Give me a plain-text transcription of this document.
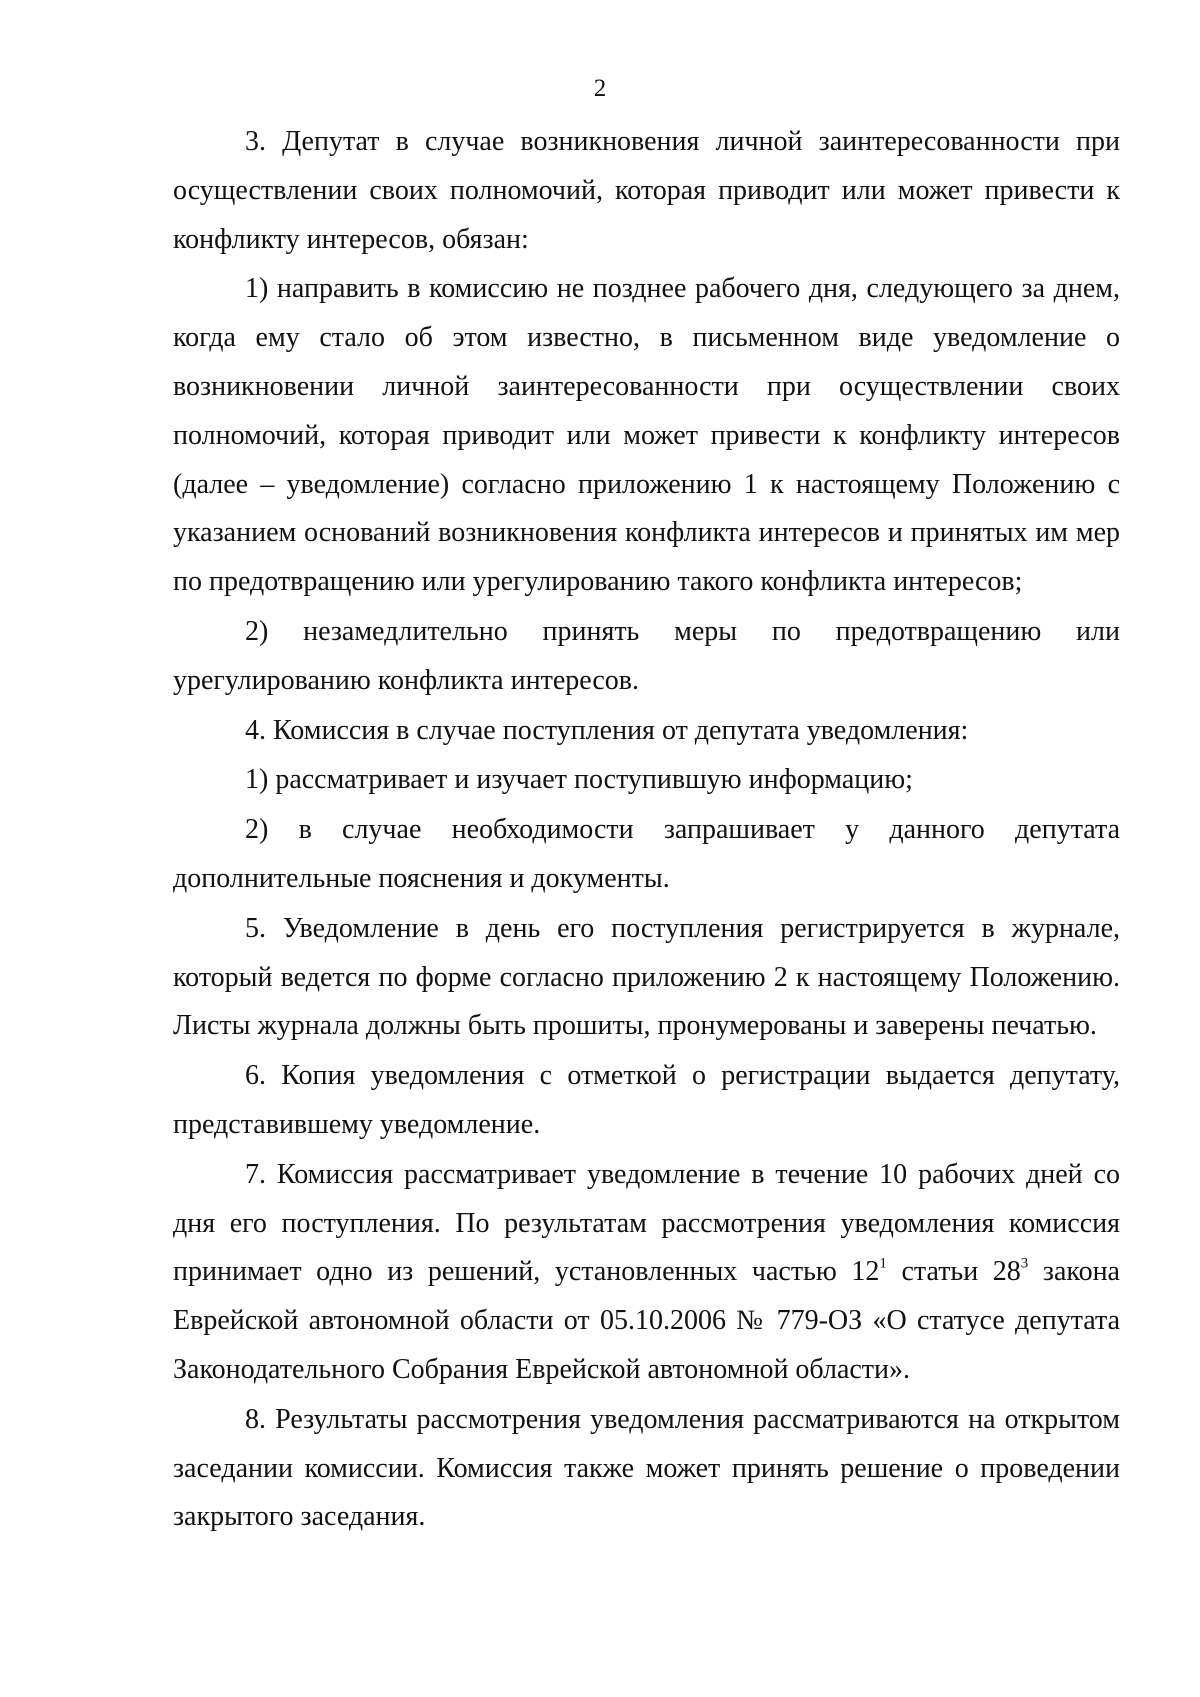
2

3. Депутат в случае возникновения личной заинтересованности при осуществлении своих полномочий, которая приводит или может привести к конфликту интересов, обязан:

1) направить в комиссию не позднее рабочего дня, следующего за днем, когда ему стало об этом известно, в письменном виде уведомление о возникновении личной заинтересованности при осуществлении своих полномочий, которая приводит или может привести к конфликту интересов (далее – уведомление) согласно приложению 1 к настоящему Положению с указанием оснований возникновения конфликта интересов и принятых им мер по предотвращению или урегулированию такого конфликта интересов;

2) незамедлительно принять меры по предотвращению или урегулированию конфликта интересов.

4. Комиссия в случае поступления от депутата уведомления:

1) рассматривает и изучает поступившую информацию;

2) в случае необходимости запрашивает у данного депутата дополнительные пояснения и документы.

5. Уведомление в день его поступления регистрируется в журнале, который ведется по форме согласно приложению 2 к настоящему Положению. Листы журнала должны быть прошиты, пронумерованы и заверены печатью.

6. Копия уведомления с отметкой о регистрации выдается депутату, представившему уведомление.

7. Комиссия рассматривает уведомление в течение 10 рабочих дней со дня его поступления. По результатам рассмотрения уведомления комиссия принимает одно из решений, установленных частью $12^1$ статьи $28^3$ закона Еврейской автономной области от 05.10.2006 № 779-ОЗ «О статусе депутата Законодательного Собрания Еврейской автономной области».

8. Результаты рассмотрения уведомления рассматриваются на открытом заседании комиссии. Комиссия также может принять решение о проведении закрытого заседания.
